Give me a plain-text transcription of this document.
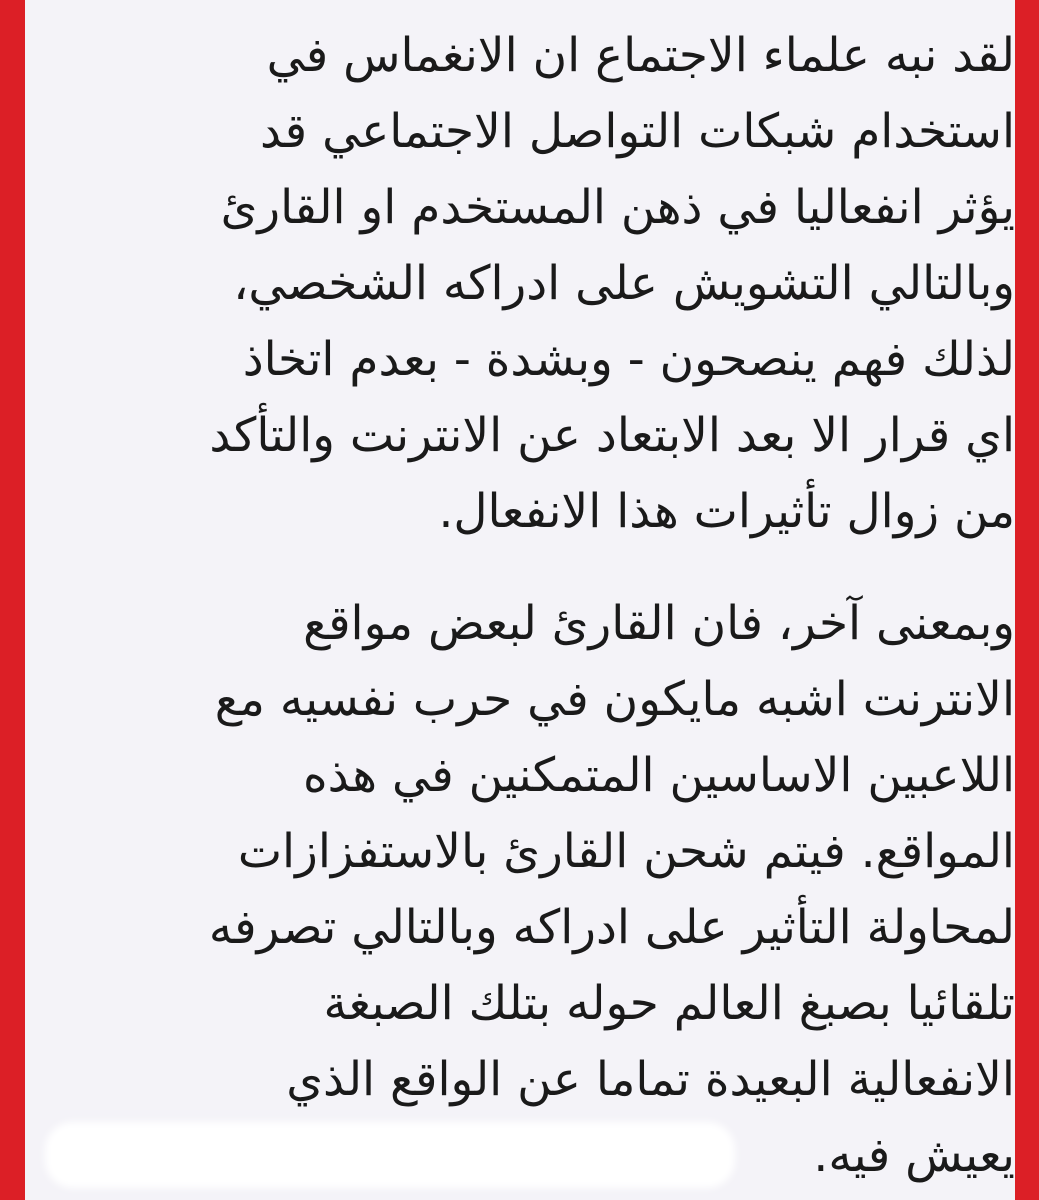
لقد نبه علماء الاجتماع ان الانغماس في
استخدام شبكات التواصل الاجتماعي قد
يؤثر انفعاليا في ذهن المستخدم او القارئ
وبالتالي التشويش على ادراكه الشخصي،
لذلك فهم ينصحون - وبشدة - بعدم اتخاذ
اي قرار الا بعد الابتعاد عن الانترنت والتأكد
من زوال تأثيرات هذا الانفعال.

وبمعنى آخر، فان القارئ لبعض مواقع
الانترنت اشبه مايكون في حرب نفسيه مع
اللاعبين الاساسين المتمكنين في هذه
المواقع. فيتم شحن القارئ بالاستفزازات
لمحاولة التأثير على ادراكه وبالتالي تصرفه
تلقائيا بصبغ العالم حوله بتلك الصبغة
الانفعالية البعيدة تماما عن الواقع الذي
يعيش فيه.
